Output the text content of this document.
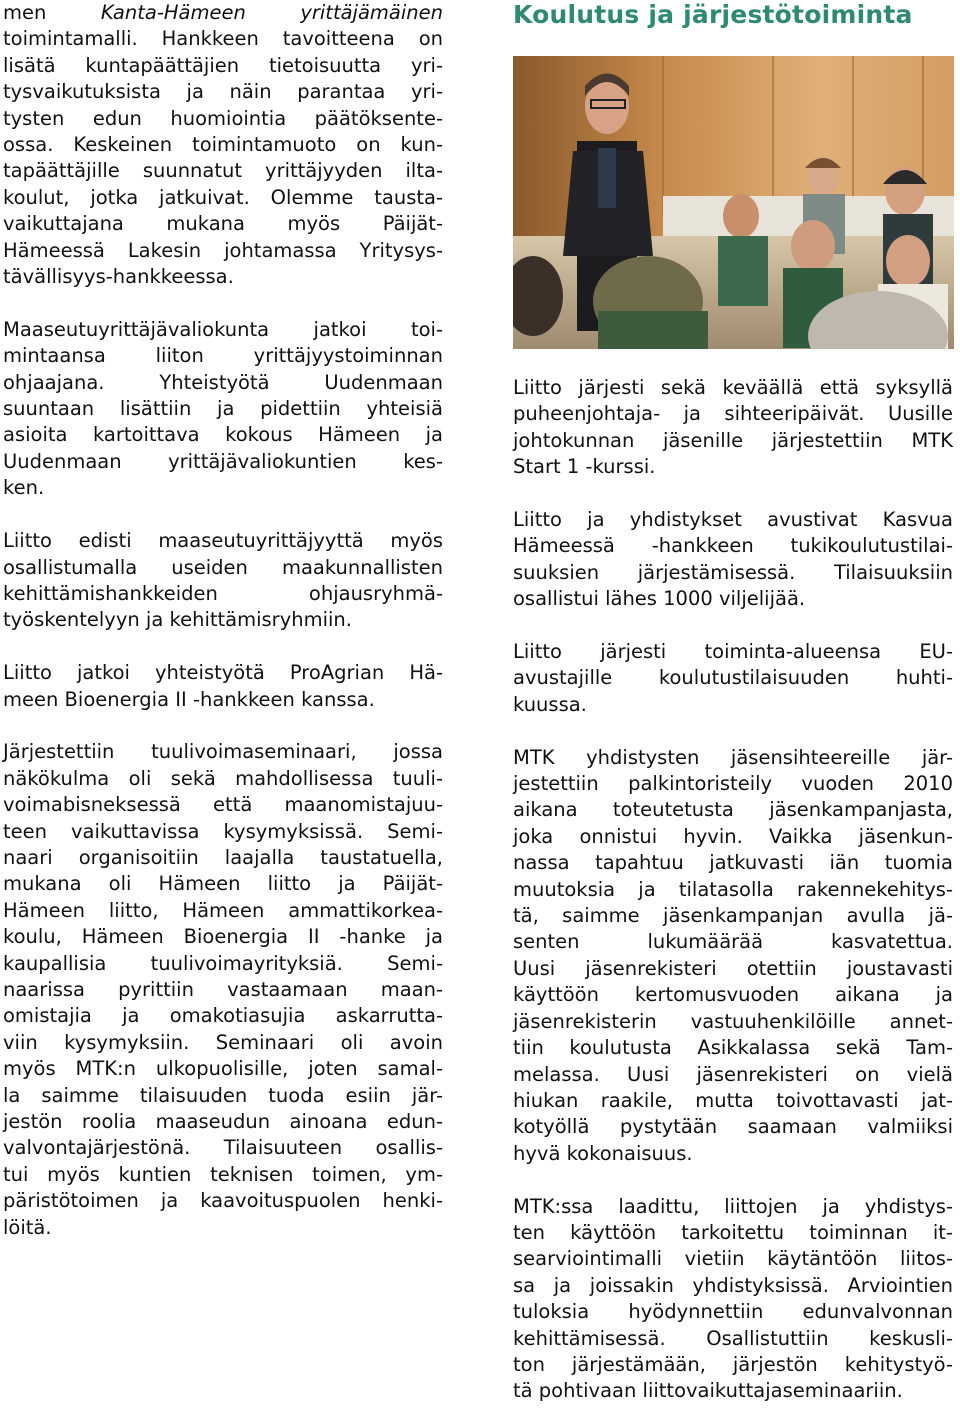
men Kanta-Hämeen yrittäjämäinen
toimintamalli. Hankkeen tavoitteena on
lisätä kuntapäättäjien tietoisuutta yri-
tysvaikutuksista ja näin parantaa yri-
tysten edun huomiointia päätöksente-
ossa. Keskeinen toimintamuoto on kun-
tapäättäjille suunnatut yrittäjyyden ilta-
koulut, jotka jatkuivat. Olemme tausta-
vaikuttajana mukana myös Päijät-
Hämeessä Lakesin johtamassa Yritysys-
tävällisyys-hankkeessa.

Maaseutuyrittäjävaliokunta jatkoi toi-
mintaansa liiton yrittäjyystoiminnan
ohjaajana. Yhteistyötä Uudenmaan
suuntaan lisättiin ja pidettiin yhteisiä
asioita kartoittava kokous Hämeen ja
Uudenmaan yrittäjävaliokuntien kes-
ken.

Liitto edisti maaseutuyrittäjyyttä myös
osallistumalla useiden maakunnallisten
kehittämishankkeiden ohjausryhmä-
työskentelyyn ja kehittämisryhmiin.

Liitto jatkoi yhteistyötä ProAgrian Hä-
meen Bioenergia II -hankkeen kanssa.

Järjestettiin tuulivoimaseminaari, jossa
näkökulma oli sekä mahdollisessa tuuli-
voimabisneksessä että maanomistajuu-
teen vaikuttavissa kysymyksissä. Semi-
naari organisoitiin laajalla taustatuella,
mukana oli Hämeen liitto ja Päijät-
Hämeen liitto, Hämeen ammattikorkea-
koulu, Hämeen Bioenergia II -hanke ja
kaupallisia tuulivoimayrityksiä. Semi-
naarissa pyrittiin vastaamaan maan-
omistajia ja omakotiasujia askarrutta-
viin kysymyksiin. Seminaari oli avoin
myös MTK:n ulkopuolisille, joten samal-
la saimme tilaisuuden tuoda esiin jär-
jestön roolia maaseudun ainoana edun-
valvontajärjestönä. Tilaisuuteen osallis-
tui myös kuntien teknisen toimen, ym-
päristötoimen ja kaavoituspuolen henki-
löitä.

Koulutus ja järjestötoiminta

Liitto järjesti sekä keväällä että syksyllä
puheenjohtaja- ja sihteeripäivät. Uusille
johtokunnan jäsenille järjestettiin MTK
Start 1 -kurssi.

Liitto ja yhdistykset avustivat Kasvua
Hämeessä -hankkeen tukikoulutustilai-
suuksien järjestämisessä. Tilaisuuksiin
osallistui lähes 1000 viljelijää.

Liitto järjesti toiminta-alueensa EU-
avustajille koulutustilaisuuden huhti-
kuussa.

MTK yhdistysten jäsensihteereille jär-
jestettiin palkintoristeily vuoden 2010
aikana toteutetusta jäsenkampanjasta,
joka onnistui hyvin. Vaikka jäsenkun-
nassa tapahtuu jatkuvasti iän tuomia
muutoksia ja tilatasolla rakennekehitys-
tä, saimme jäsenkampanjan avulla jä-
senten lukumäärää kasvatettua.
Uusi jäsenrekisteri otettiin joustavasti
käyttöön kertomusvuoden aikana ja
jäsenrekisterin vastuuhenkilöille annet-
tiin koulutusta Asikkalassa sekä Tam-
melassa. Uusi jäsenrekisteri on vielä
hiukan raakile, mutta toivottavasti jat-
kotyöllä pystytään saamaan valmiiksi
hyvä kokonaisuus.

MTK:ssa laadittu, liittojen ja yhdistys-
ten käyttöön tarkoitettu toiminnan it-
searviointimalli vietiin käytäntöön liitos-
sa ja joissakin yhdistyksissä. Arviointien
tuloksia hyödynnettiin edunvalvonnan
kehittämisessä. Osallistuttiin keskusli-
ton järjestämään, järjestön kehitystyö-
tä pohtivaan liittovaikuttajaseminaariin.
